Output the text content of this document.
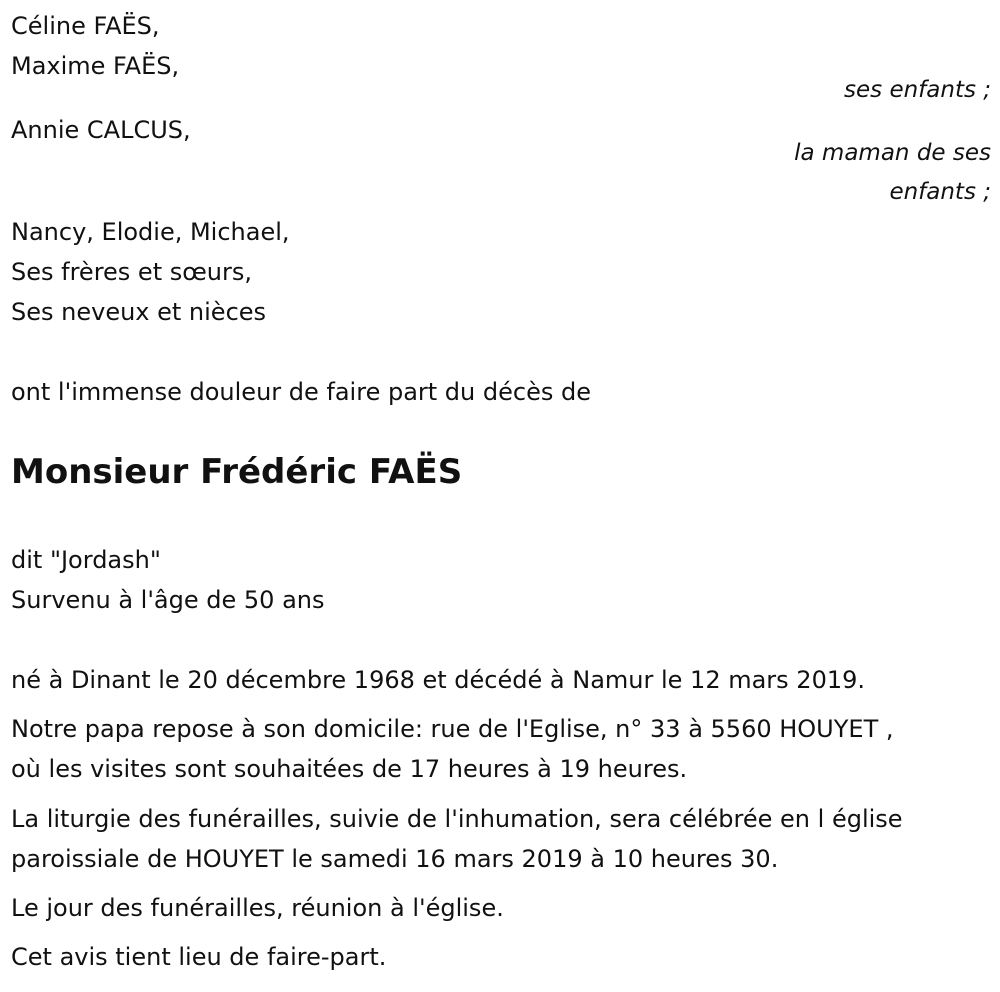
Céline FAËS,
Maxime FAËS,
ses enfants ;
Annie CALCUS,
la maman de ses
enfants ;
Nancy, Elodie, Michael,
Ses frères et sœurs,
Ses neveux et nièces
ont l'immense douleur de faire part du décès de
Monsieur Frédéric FAËS
dit "Jordash"
Survenu à l'âge de 50 ans
né à Dinant le 20 décembre 1968 et décédé à Namur le 12 mars 2019.
Notre papa repose à son domicile: rue de l'Eglise, n° 33 à 5560 HOUYET ,
où les visites sont souhaitées de 17 heures à 19 heures.
La liturgie des funérailles, suivie de l'inhumation, sera célébrée en l église
paroissiale de HOUYET le samedi 16 mars 2019 à 10 heures 30.
Le jour des funérailles, réunion à l'église.
Cet avis tient lieu de faire-part.
